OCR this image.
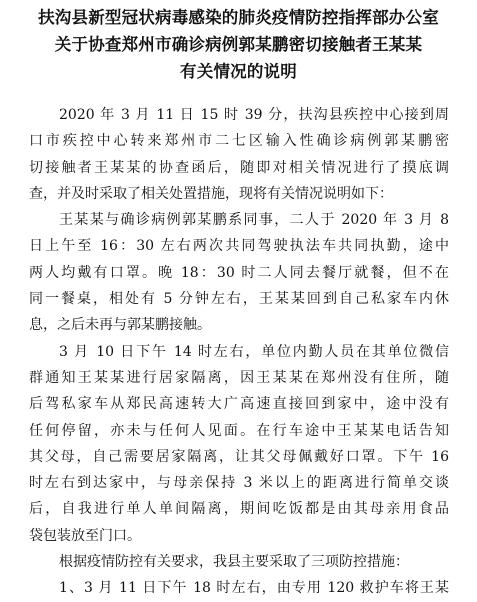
扶沟县新型冠状病毒感染的肺炎疫情防控指挥部办公室
关于协查郑州市确诊病例郭某鹏密切接触者王某某
有关情况的说明
2020 年 3 月 11 日 15 时 39 分，扶沟县疾控中心接到周
口市疾控中心转来郑州市二七区输入性确诊病例郭某鹏密
切接触者王某某的协查函后，随即对相关情况进行了摸底调
查，并及时采取了相关处置措施，现将有关情况说明如下：
王某某与确诊病例郭某鹏系同事，二人于 2020 年 3 月 8
日上午至 16：30 左右两次共同驾驶执法车共同执勤，途中
两人均戴有口罩。晚 18：30 时二人同去餐厅就餐，但不在
同一餐桌，相处有 5 分钟左右，王某某回到自己私家车内休
息，之后未再与郭某鹏接触。
3 月 10 日下午 14 时左右，单位内勤人员在其单位微信
群通知王某某进行居家隔离，因王某某在郑州没有住所，随
后驾私家车从郑民高速转大广高速直接回到家中，途中没有
任何停留，亦未与任何人见面。在行车途中王某某电话告知
其父母，自己需要居家隔离，让其父母佩戴好口罩。下午 16
时左右到达家中，与母亲保持 3 米以上的距离进行简单交谈
后，自我进行单人单间隔离，期间吃饭都是由其母亲用食品
袋包装放至门口。
根据疫情防控有关要求，我县主要采取了三项防控措施：
1、3 月 11 日下午 18 时左右，由专用 120 救护车将王某
